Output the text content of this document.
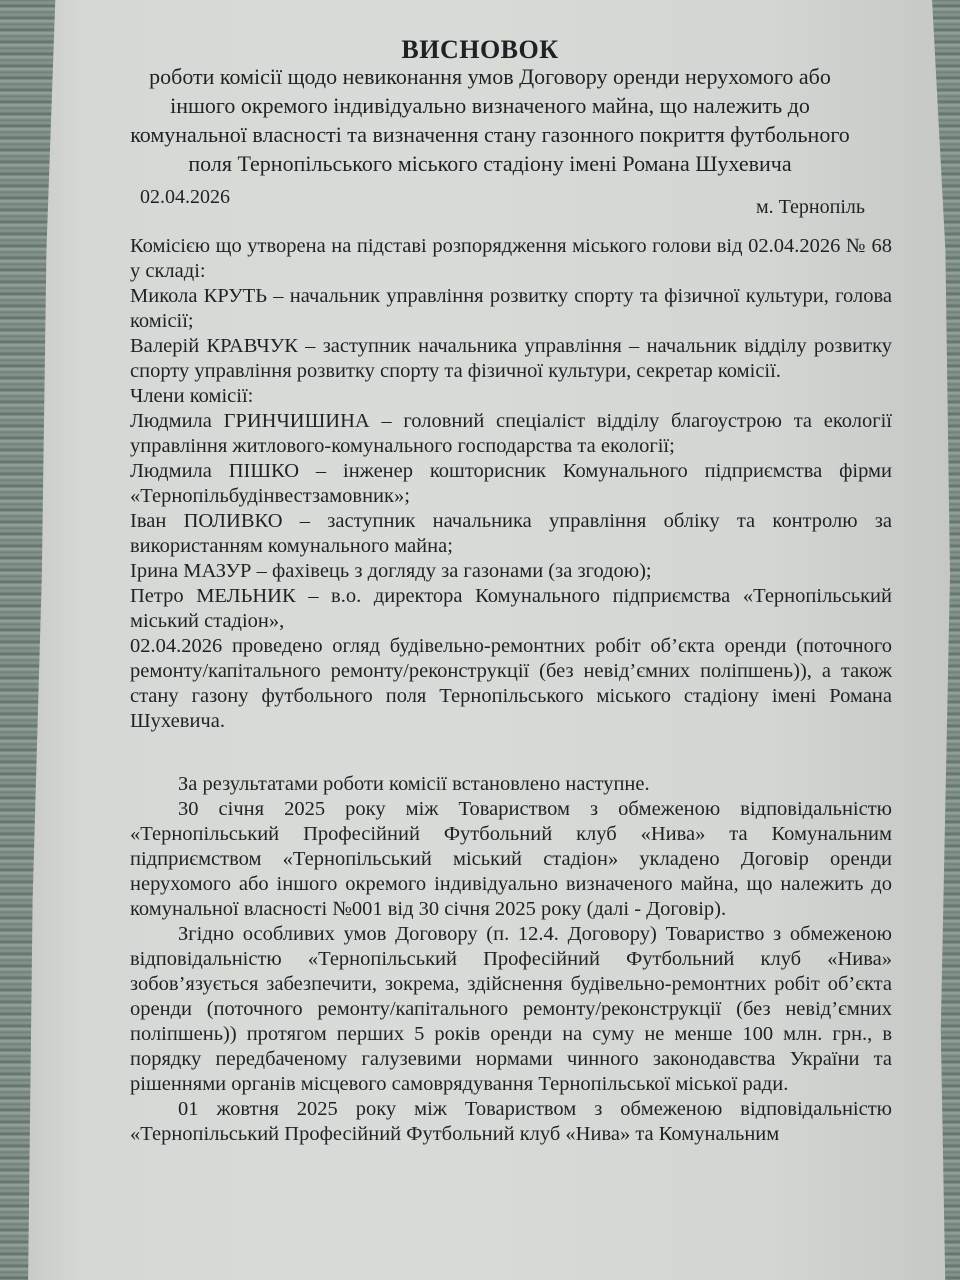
ВИСНОВОК
роботи комісії щодо невиконання умов Договору оренди нерухомого або іншого окремого індивідуально визначеного майна, що належить до комунальної власності та визначення стану газонного покриття футбольного поля Тернопільського міського стадіону імені Романа Шухевича
02.04.2026	м. Тернопіль

Комісією що утворена на підставі розпорядження міського голови від 02.04.2026 № 68 у складі:

Микола КРУТЬ – начальник управління розвитку спорту та фізичної культури, голова комісії;

Валерій КРАВЧУК – заступник начальника управління – начальник відділу розвитку спорту управління розвитку спорту та фізичної культури, секретар комісії.

Члени комісії:

Людмила ГРИНЧИШИНА – головний спеціаліст відділу благоустрою та екології управління житлового-комунального господарства та екології;

Людмила ПІШКО – інженер кошторисник Комунального підприємства фірми «Тернопільбудінвестзамовник»;

Іван ПОЛИВКО – заступник начальника управління обліку та контролю за використанням комунального майна;

Ірина МАЗУР – фахівець з догляду за газонами (за згодою);

Петро МЕЛЬНИК – в.о. директора Комунального підприємства «Тернопільський міський стадіон»,

02.04.2026 проведено огляд будівельно-ремонтних робіт об’єкта оренди (поточного ремонту/капітального ремонту/реконструкції (без невід’ємних поліпшень)), а також стану газону футбольного поля Тернопільського міського стадіону імені Романа Шухевича.

За результатами роботи комісії встановлено наступне.

30 січня 2025 року між Товариством з обмеженою відповідальністю «Тернопільський Професійний Футбольний клуб «Нива» та Комунальним підприємством «Тернопільський міський стадіон» укладено Договір оренди нерухомого або іншого окремого індивідуально визначеного майна, що належить до комунальної власності №001 від 30 січня 2025 року (далі - Договір).

Згідно особливих умов Договору (п. 12.4. Договору) Товариство з обмеженою відповідальністю «Тернопільський Професійний Футбольний клуб «Нива» зобов’язується забезпечити, зокрема, здійснення будівельно-ремонтних робіт об’єкта оренди (поточного ремонту/капітального ремонту/реконструкції (без невід’ємних поліпшень)) протягом перших 5 років оренди на суму не менше 100 млн. грн., в порядку передбаченому галузевими нормами чинного законодавства України та рішеннями органів місцевого самоврядування Тернопільської міської ради.

01 жовтня 2025 року між Товариством з обмеженою відповідальністю «Тернопільський Професійний Футбольний клуб «Нива» та Комунальним
